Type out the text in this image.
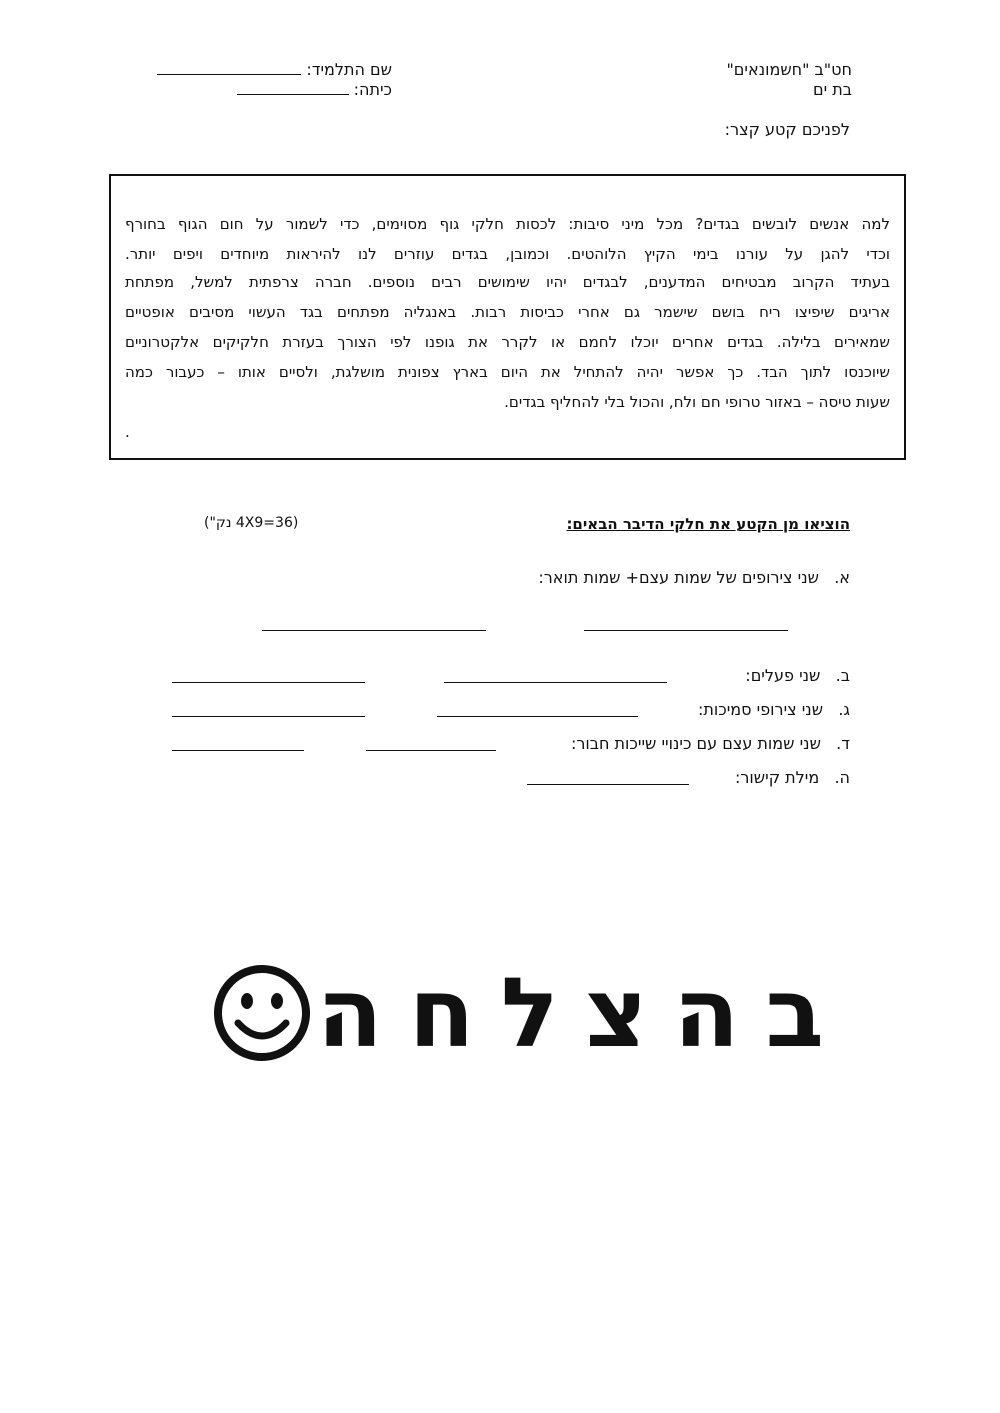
חט"ב "חשמונאים"
בת ים
שם התלמיד:
כיתה:
לפניכם קטע קצר:
למה אנשים לובשים בגדים? מכל מיני סיבות: לכסות חלקי גוף מסוימים, כדי לשמור על חום הגוף בחורף
וכדי להגן על עורנו בימי הקיץ הלוהטים. וכמובן, בגדים עוזרים לנו להיראות מיוחדים ויפים יותר.
בעתיד הקרוב מבטיחים המדענים, לבגדים יהיו שימושים רבים נוספים. חברה צרפתית למשל, מפתחת
אריגים שיפיצו ריח בושם שישמר גם אחרי כביסות רבות. באנגליה מפתחים בגד העשוי מסיבים אופטיים
שמאירים בלילה. בגדים אחרים יוכלו לחמם או לקרר את גופנו לפי הצורך בעזרת חלקיקים אלקטרוניים
שיוכנסו לתוך הבד. כך אפשר יהיה להתחיל את היום בארץ צפונית מושלגת, ולסיים אותו – כעבור כמה
שעות טיסה – באזור טרופי חם ולח, והכול בלי להחליף בגדים.
.
הוציאו מן הקטע את חלקי הדיבר הבאים:
(36=4X9 נק")
א.   שני צירופים של שמות עצם+ שמות תואר:
ב.   שני פעלים:
ג.   שני צירופי סמיכות:
ד.   שני שמות עצם עם כינויי שייכות חבור:
ה.   מילת קישור:
בהצלחה
